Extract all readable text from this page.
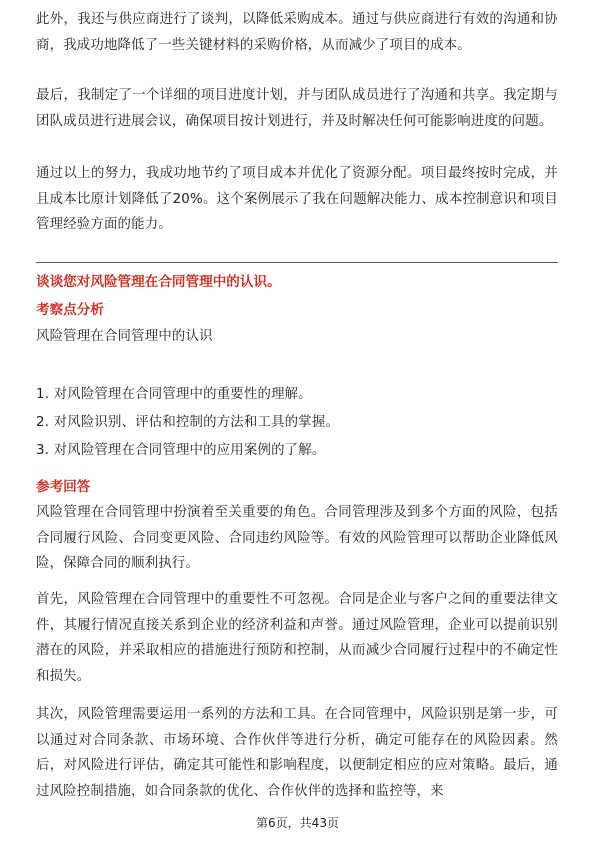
此外，我还与供应商进行了谈判，以降低采购成本。通过与供应商进行有效的沟通和协商，我成功地降低了一些关键材料的采购价格，从而减少了项目的成本。

最后，我制定了一个详细的项目进度计划，并与团队成员进行了沟通和共享。我定期与团队成员进行进展会议，确保项目按计划进行，并及时解决任何可能影响进度的问题。

通过以上的努力，我成功地节约了项目成本并优化了资源分配。项目最终按时完成，并且成本比原计划降低了20%。这个案例展示了我在问题解决能力、成本控制意识和项目管理经验方面的能力。

谈谈您对风险管理在合同管理中的认识。

考察点分析

风险管理在合同管理中的认识

1. 对风险管理在合同管理中的重要性的理解。

2. 对风险识别、评估和控制的方法和工具的掌握。

3. 对风险管理在合同管理中的应用案例的了解。

参考回答

风险管理在合同管理中扮演着至关重要的角色。合同管理涉及到多个方面的风险，包括合同履行风险、合同变更风险、合同违约风险等。有效的风险管理可以帮助企业降低风险，保障合同的顺利执行。

首先，风险管理在合同管理中的重要性不可忽视。合同是企业与客户之间的重要法律文件，其履行情况直接关系到企业的经济利益和声誉。通过风险管理，企业可以提前识别潜在的风险，并采取相应的措施进行预防和控制，从而减少合同履行过程中的不确定性和损失。

其次，风险管理需要运用一系列的方法和工具。在合同管理中，风险识别是第一步，可以通过对合同条款、市场环境、合作伙伴等进行分析，确定可能存在的风险因素。然后，对风险进行评估，确定其可能性和影响程度，以便制定相应的应对策略。最后，通过风险控制措施，如合同条款的优化、合作伙伴的选择和监控等，来

第6页，共43页
